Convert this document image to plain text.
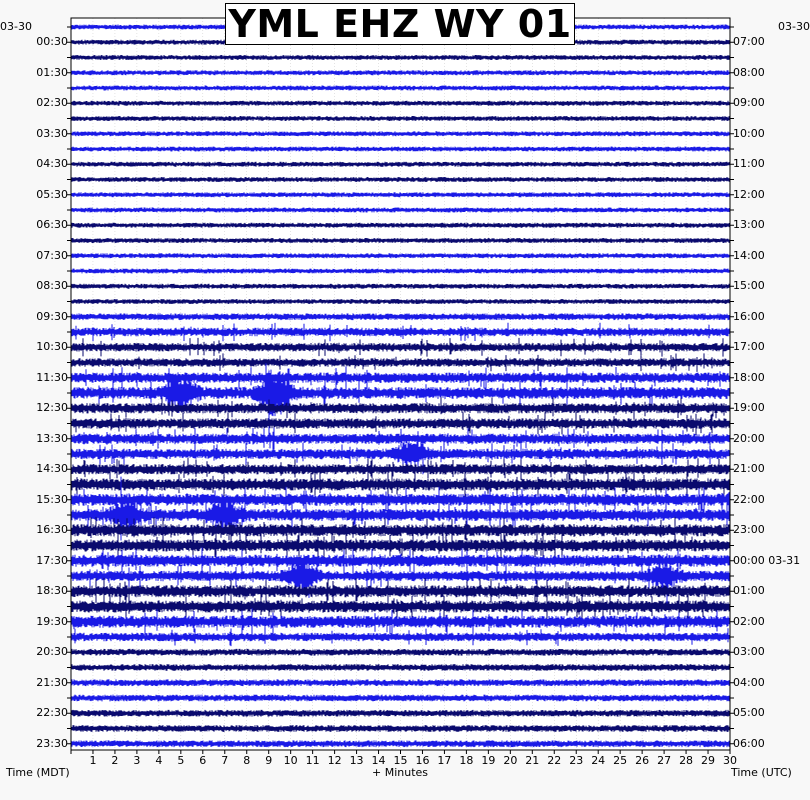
YML EHZ WY 01
03-30	03-30
00:30
01:30
02:30
03:30
04:30
05:30
06:30
07:30
08:30
09:30
10:30
11:30
12:30
13:30
14:30
15:30
16:30
17:30
18:30
19:30
20:30
21:30
22:30
23:30
07:00
08:00
09:00
10:00
11:00
12:00
13:00
14:00
15:00
16:00
17:00
18:00
19:00
20:00
21:00
22:00
23:00
00:00 03-31
01:00
02:00
03:00
04:00
05:00
06:00
1	2	3	4	5	6	7	8	9	10 11 12 13 14 15 16 17 18 19 20 21 22 23 24 25 26 27 28 29 30
Time (MDT)	+ Minutes	Time (UTC)
